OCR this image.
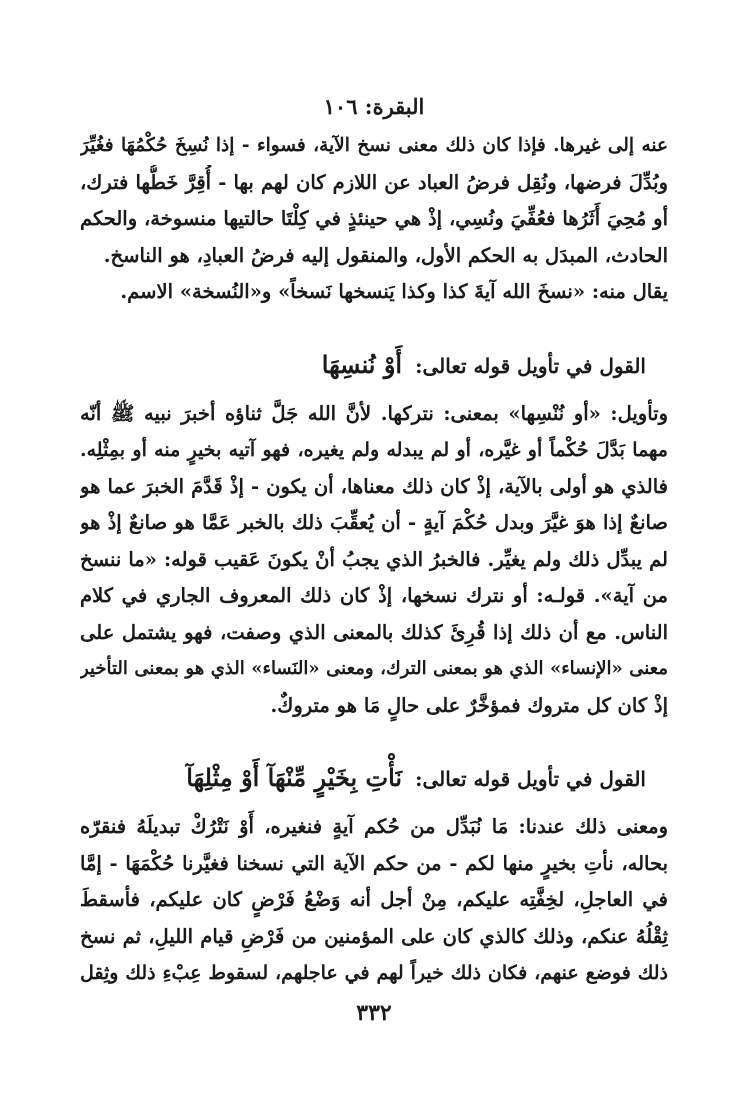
البقرة: ١٠٦
عنه إلى غيرها. فإذا كان ذلك معنى نسخ الآية، فسواء - إذا نُسِخَ حُكْمُهَا فغُيِّرَ
وبُدِّلَ فرضها، ونُقِل فرضُ العباد عن اللازم كان لهم بها - أُقِرَّ خَطُّها فترك،
أو مُحِيَ أَثَرُها فعُفِّيَ ونُسِي، إذْ هي حينئذٍ في كِلْتَا حالتيها منسوخة، والحكم
الحادث، المبدَل به الحكم الأول، والمنقول إليه فرضُ العبادِ، هو الناسخ.
يقال منه: «نسخَ الله آيةَ كذا وكذا يَنسخها نَسخاً» و«النُسخة» الاسم.
القول في تأويل قوله تعالى: أَوْ نُنسِهَا
وتأويل: «أو نُنْسِها» بمعنى: نتركها. لأنَّ الله جَلَّ ثناؤه أخبرَ نبيه ﷺ أنّه
مهما بَدَّلَ حُكْماً أو غيَّره، أو لم يبدله ولم يغيره، فهو آتيه بخيرٍ منه أو بمِثْلِه.
فالذي هو أولى بالآية، إذْ كان ذلك معناها، أن يكون - إذْ قَدَّمَ الخبرَ عما هو
صانعٌ إذا هوَ غيَّرَ وبدل حُكْمَ آيةٍ - أن يُعقِّبَ ذلك بالخبر عَمَّا هو صانعٌ إذْ هو
لم يبدِّل ذلك ولم يغيِّر. فالخبرُ الذي يجبُ أنْ يكونَ عَقيب قوله: «ما ننسخ
من آية». قولـه: أو نترك نسخها، إذْ كان ذلك المعروف الجاري في كلام
الناس. مع أن ذلك إذا قُرِئَ كذلك بالمعنى الذي وصفت، فهو يشتمل على
معنى «الإنساء» الذي هو بمعنى الترك، ومعنى «النَساء» الذي هو بمعنى التأخير
إذْ كان كل متروك فمؤخَّرٌ على حالٍ مَا هو متروكٌ.
القول في تأويل قوله تعالى: نَأْتِ بِخَيْرٍ مِّنْهَآ أَوْ مِثْلِهَآ
ومعنى ذلك عندنا: مَا نُبَدِّل من حُكم آيةٍ فنغيره، أَوْ نَتْرُكْ تبديلَهُ فنقرّه
بحاله، نأتِ بخيرٍ منها لكم - من حكم الآية التي نسخنا فغيَّرنا حُكْمَهَا - إمَّا
في العاجلِ، لخِفَّتِه عليكم، مِنْ أجل أنه وَضْعُ فَرْضٍ كان عليكم، فأسقطَ
ثِقْلُهُ عنكم، وذلك كالذي كان على المؤمنين من فَرْضِ قيام الليلِ، ثم نسخ
ذلك فوضع عنهم، فكان ذلك خيراً لهم في عاجلهم، لسقوط عِبْءِ ذلك وثِقل
٣٣٢
